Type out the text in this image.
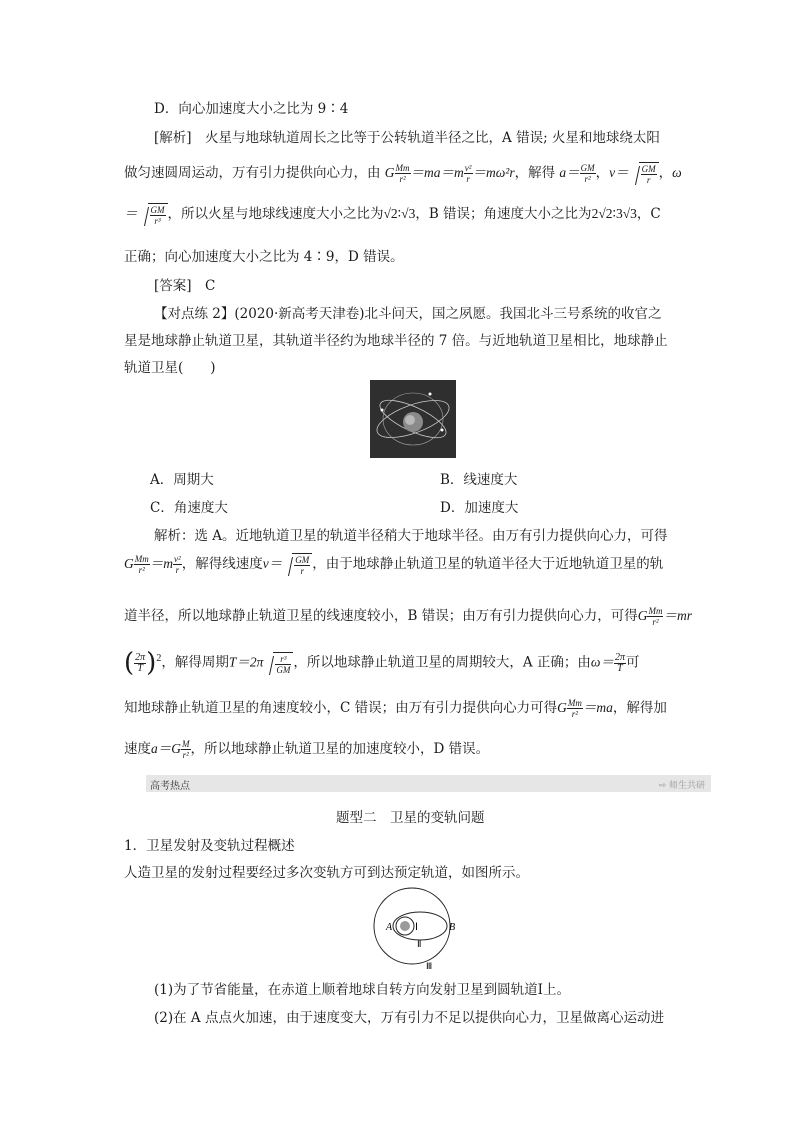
D．向心加速度大小之比为 9∶4
[解析]　火星与地球轨道周长之比等于公转轨道半径之比，A 错误; 火星和地球绕太阳
做匀速圆周运动，万有引力提供向心力，由 G $\frac{Mm}{\text{r²}} =ma=m \frac{\text{v²}}{r} =m\omega^2r$，解得 $a= \frac{GM}{\text{r²}}$ ，$v= \frac{GM}{r}$ ，ω
＝ $\frac{GM}{\text{r³}}$ ，所以火星与地球线速度大小之比为√2∶√3，B 错误；角速度大小之比为2√2∶3√3，C
正确；向心加速度大小之比为 4∶9，D 错误。
[答案]　C
【对点练 2】(2020·新高考天津卷)北斗问天，国之夙愿。我国北斗三号系统的收官之
星是地球静止轨道卫星，其轨道半径约为地球半径的 7 倍。与近地轨道卫星相比，地球静止
轨道卫星(　　)
A．周期大	B．线速度大
C．角速度大	D．加速度大
解析：选 A。近地轨道卫星的轨道半径稍大于地球半径。由万有引力提供向心力，可得
G $\frac{Mm}{\text{r²}} =m \frac{\text{v²}}{r}$ ，解得线速度$v= \frac{GM}{r}$ ，由于地球静止轨道卫星的轨道半径大于近地轨道卫星的轨
道半径，所以地球静止轨道卫星的线速度较小，B 错误；由万有引力提供向心力，可得G $\frac{Mm}{\text{r²}} =mr$
( $\frac{2\pi}{T} )^2$，解得周期$T=2\pi \frac{\text{r³}}{GM}$ ，所以地球静止轨道卫星的周期较大，A 正确；由$\omega= \frac{2\pi}{T}$ 可
知地球静止轨道卫星的角速度较小，C 错误；由万有引力提供向心力可得G $\frac{Mm}{\text{r²}} =ma$，解得加
速度$a=G \frac{M}{\text{r²}}$ ，所以地球静止轨道卫星的加速度较小，D 错误。
高考热点	⇨ 师生共研
题型二　卫星的变轨问题
1．卫星发射及变轨过程概述
人造卫星的发射过程要经过多次变轨方可到达预定轨道，如图所示。
A Ⅰ	B
Ⅱ
Ⅲ
(1)为了节省能量，在赤道上顺着地球自转方向发射卫星到圆轨道Ⅰ上。
(2)在 A 点点火加速，由于速度变大，万有引力不足以提供向心力，卫星做离心运动进
